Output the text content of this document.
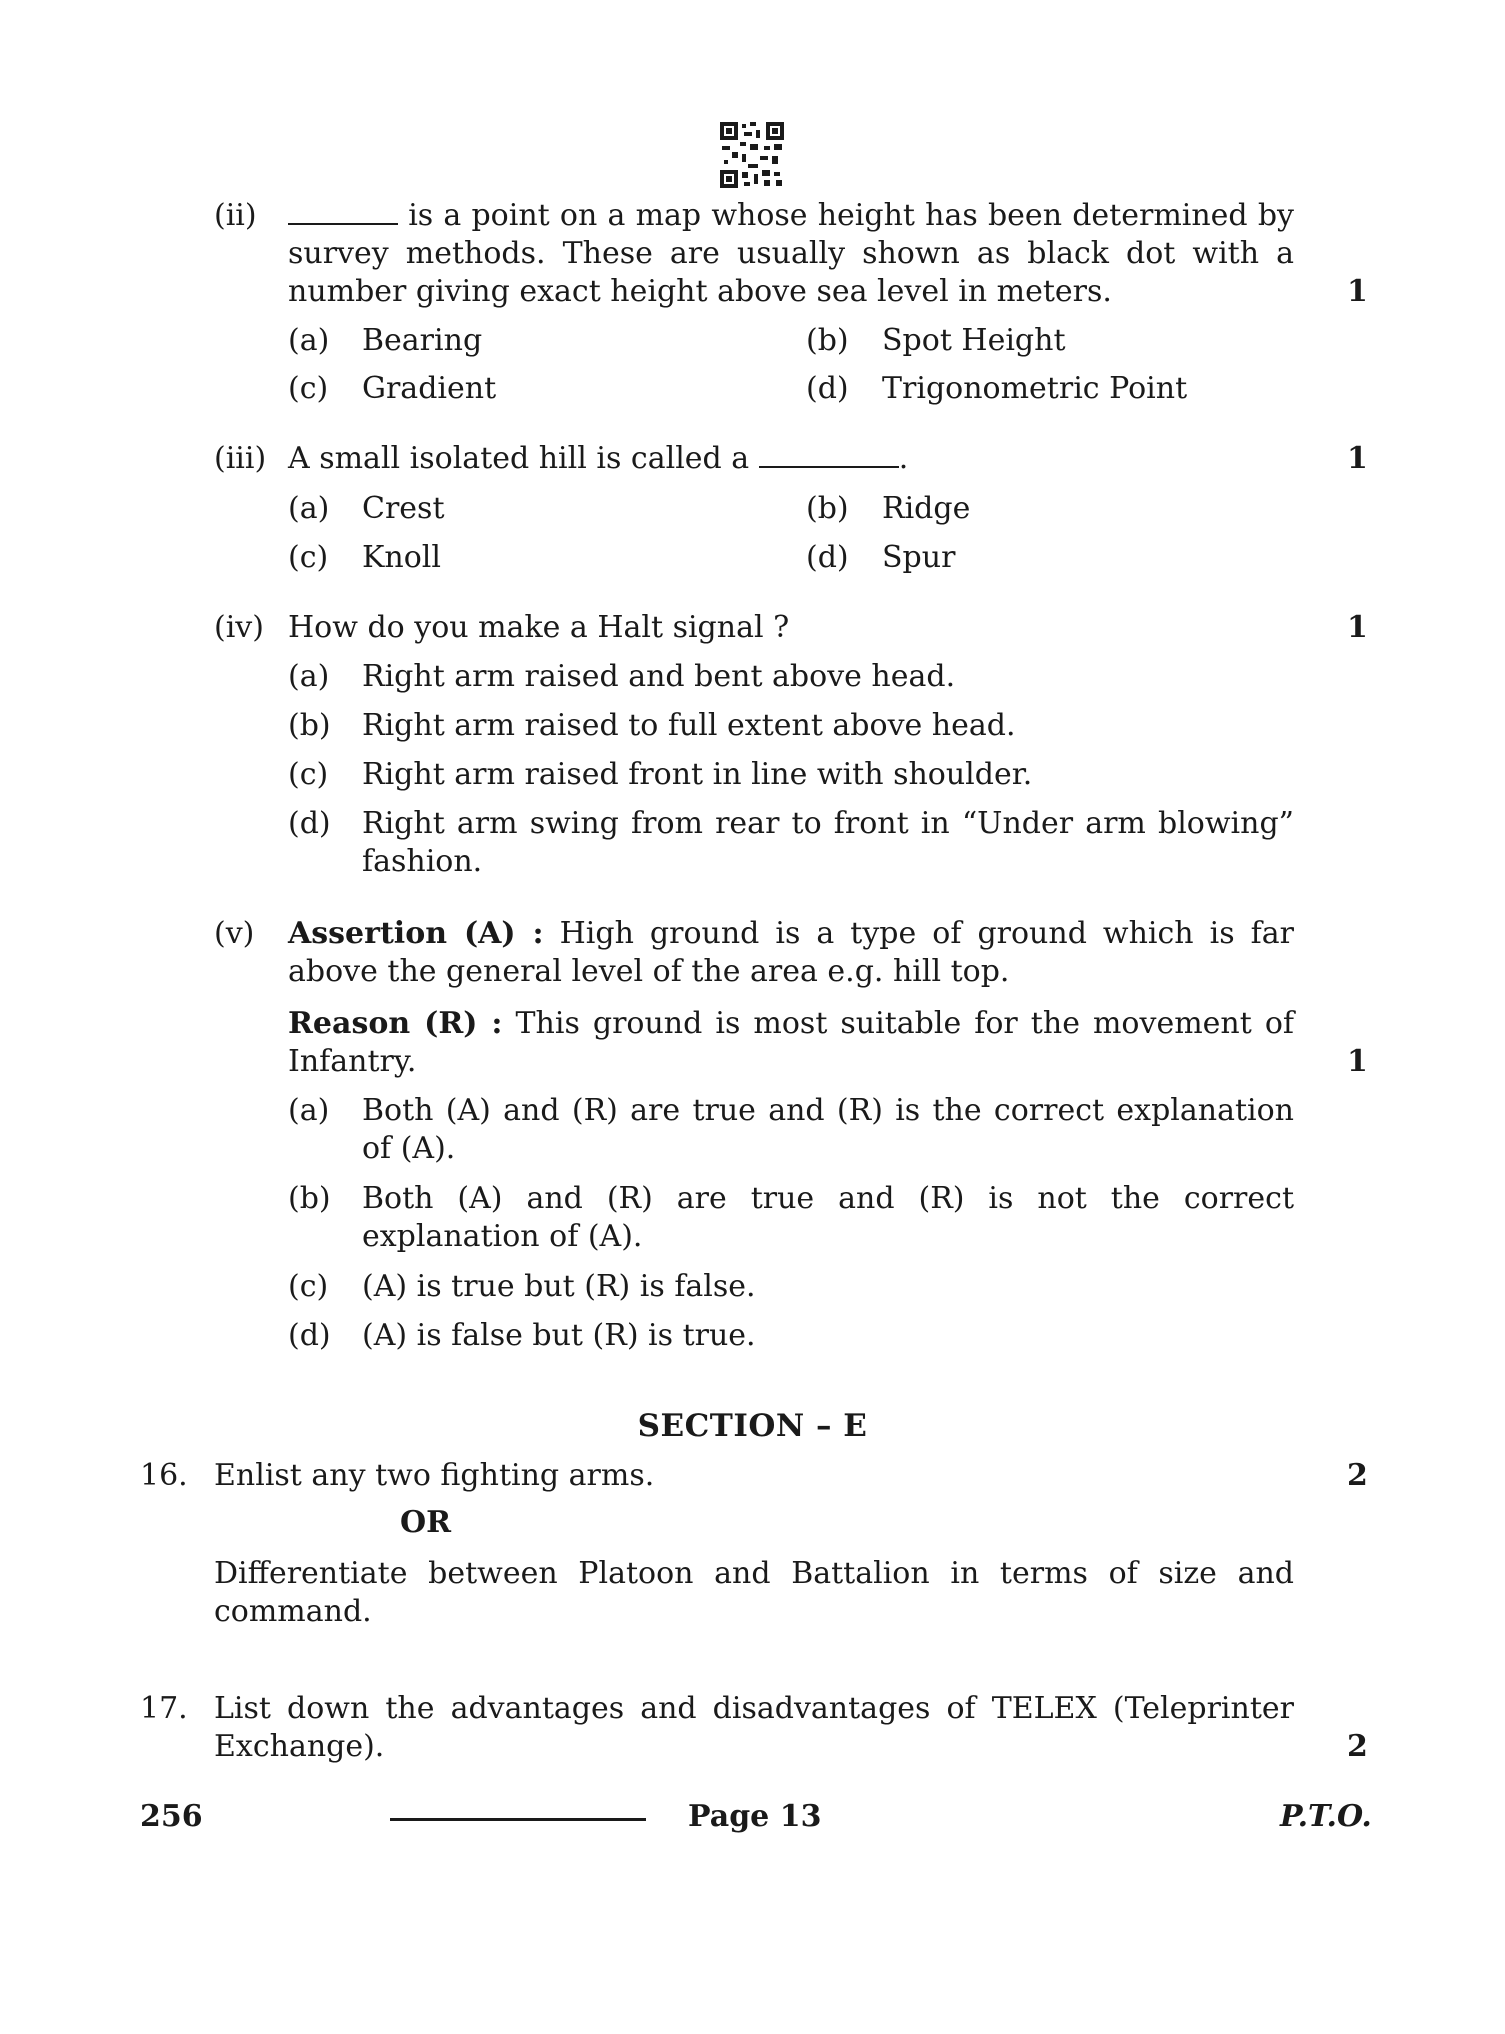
(ii)	is a point on a map whose height has been determined by survey methods. These are usually shown as black dot with a number giving exact height above sea level in meters.	1
(a) Bearing	(b) Spot Height
(c) Gradient	(d) Trigonometric Point
(iii) A small isolated hill is called a	.	1
(a) Crest	(b) Ridge
(c) Knoll	(d) Spur
(iv) How do you make a Halt signal ?	1
(a) Right arm raised and bent above head.
(b) Right arm raised to full extent above head.
(c) Right arm raised front in line with shoulder.
(d) Right arm swing from rear to front in “Under arm blowing” fashion.
(v) Assertion (A) : High ground is a type of ground which is far above the general level of the area e.g. hill top.
Reason (R) : This ground is most suitable for the movement of Infantry.	1
(a) Both (A) and (R) are true and (R) is the correct explanation of (A).
(b) Both (A) and (R) are true and (R) is not the correct explanation of (A).
(c) (A) is true but (R) is false.
(d) (A) is false but (R) is true.
SECTION – E
16. Enlist any two fighting arms.	2
OR
Differentiate between Platoon and Battalion in terms of size and command.
17. List down the advantages and disadvantages of TELEX (Teleprinter Exchange).	2
256	Page 13	P.T.O.
